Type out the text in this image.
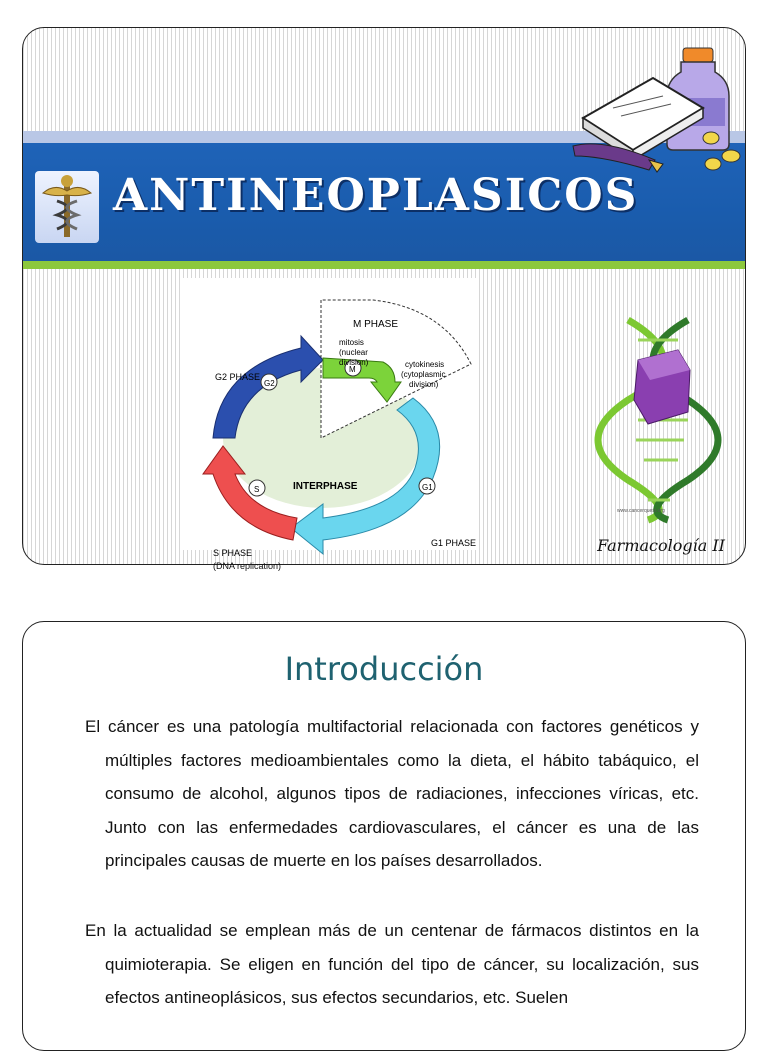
ANTINEOPLASICOS
M PHASE
mitosis
(nuclear
division)	cytokinesis
(cytoplasmic
division)
G2 PHASE
G2
M
INTERPHASE
S	G1
S PHASE
G1 PHASE
(DNA replication)
www.cancerquest.org
Farmacología II
Introducción

El cáncer es una patología multifactorial relacionada con factores genéticos y múltiples factores medioambientales como la dieta, el hábito tabáquico, el consumo de alcohol, algunos tipos de radiaciones, infecciones víricas, etc. Junto con las enfermedades cardiovasculares, el cáncer es una de las principales causas de muerte en los países desarrollados.

En la actualidad se emplean más de un centenar de fármacos distintos en la quimioterapia. Se eligen en función del tipo de cáncer, su localización, sus efectos antineoplásicos, sus efectos secundarios, etc. Suelen
